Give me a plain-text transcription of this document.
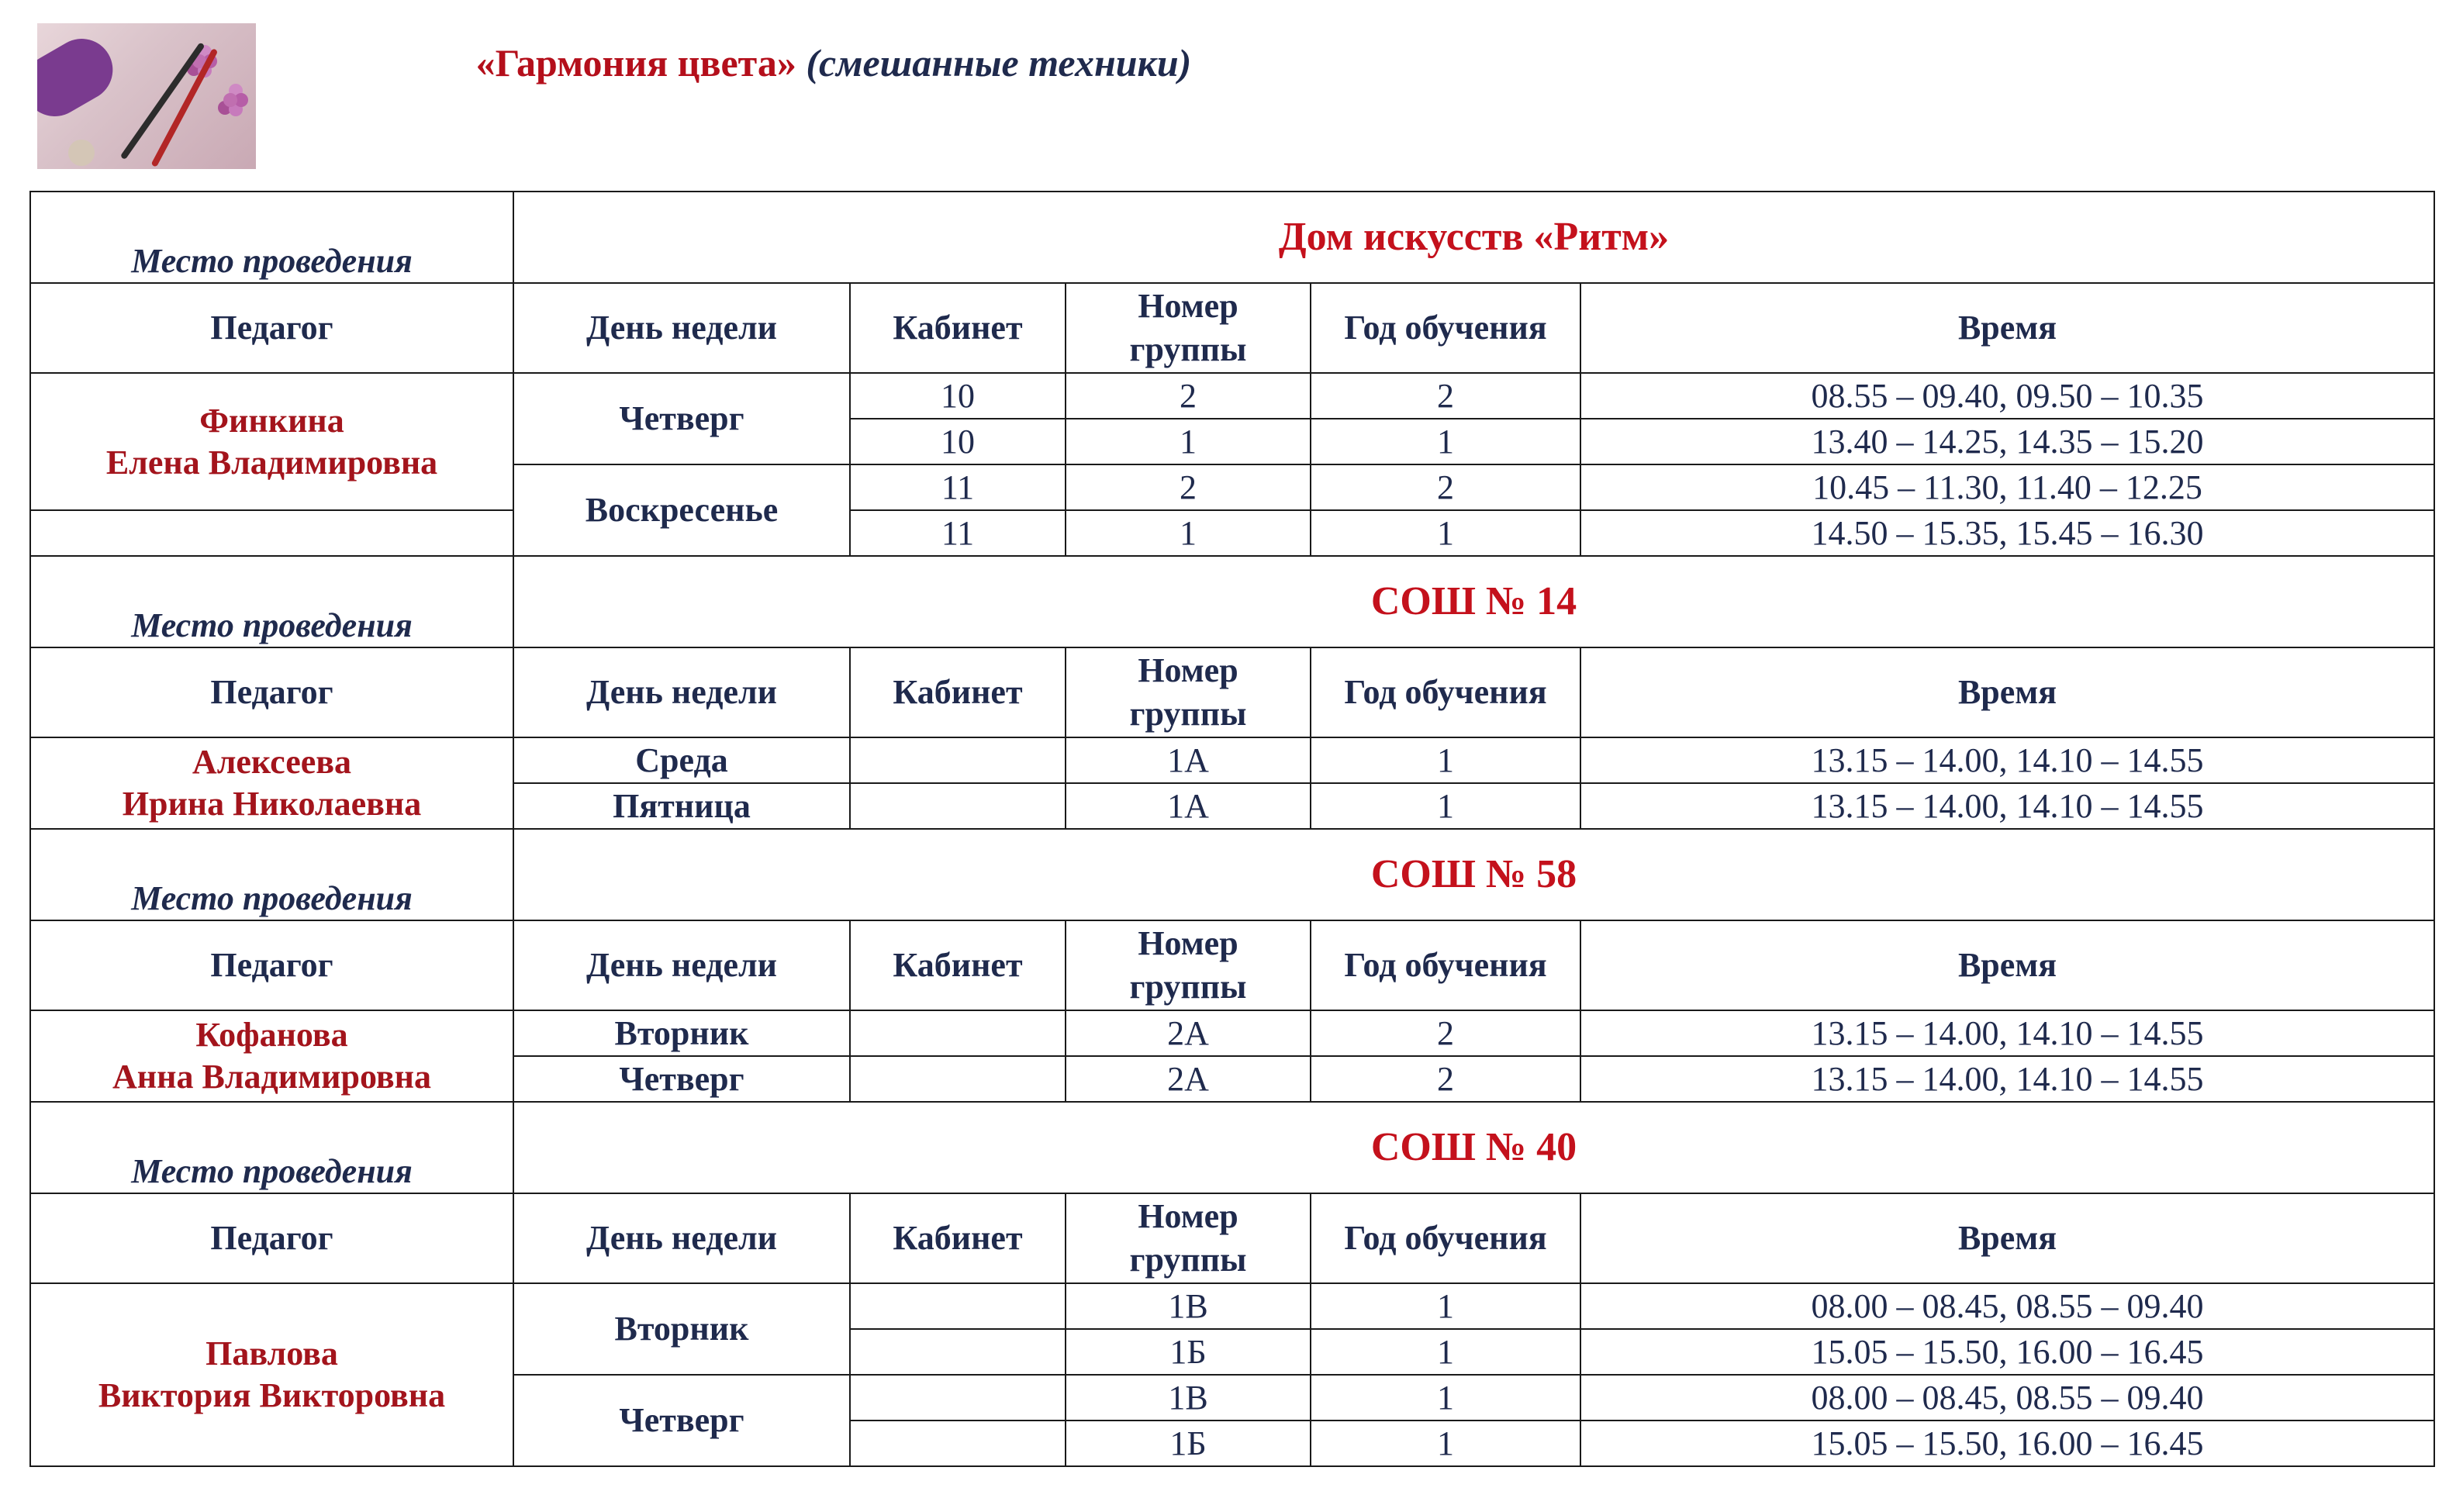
«Гармония цвета» (смешанные техники)
Место проведения	Дом искусств «Ритм»				
Педагог	День недели	Кабинет	Номер
группы	Год обучения	Время
Финкина
Елена Владимировна	Четверг	10	2	2	08.55 – 09.40, 09.50 – 10.35
		10	1	1	13.40 – 14.25, 14.35 – 15.20
	Воскресенье	11	2	2	10.45 – 11.30, 11.40 – 12.25
		11	1	1	14.50 – 15.35, 15.45 – 16.30
Место проведения	СОШ № 14				
Педагог	День недели	Кабинет	Номер
группы	Год обучения	Время
Алексеева
Ирина Николаевна	Среда		1А	1	13.15 – 14.00, 14.10 – 14.55
	Пятница		1А	1	13.15 – 14.00, 14.10 – 14.55
Место проведения	СОШ № 58				
Педагог	День недели	Кабинет	Номер
группы	Год обучения	Время
Кофанова
Анна Владимировна	Вторник		2А	2	13.15 – 14.00, 14.10 – 14.55
	Четверг		2А	2	13.15 – 14.00, 14.10 – 14.55
Место проведения	СОШ № 40				
Педагог	День недели	Кабинет	Номер
группы	Год обучения	Время
Павлова
Виктория Викторовна	Вторник		1В	1	08.00 – 08.45, 08.55 – 09.40
			1Б	1	15.05 – 15.50, 16.00 – 16.45
	Четверг		1В	1	08.00 – 08.45, 08.55 – 09.40
			1Б	1	15.05 – 15.50, 16.00 – 16.45
